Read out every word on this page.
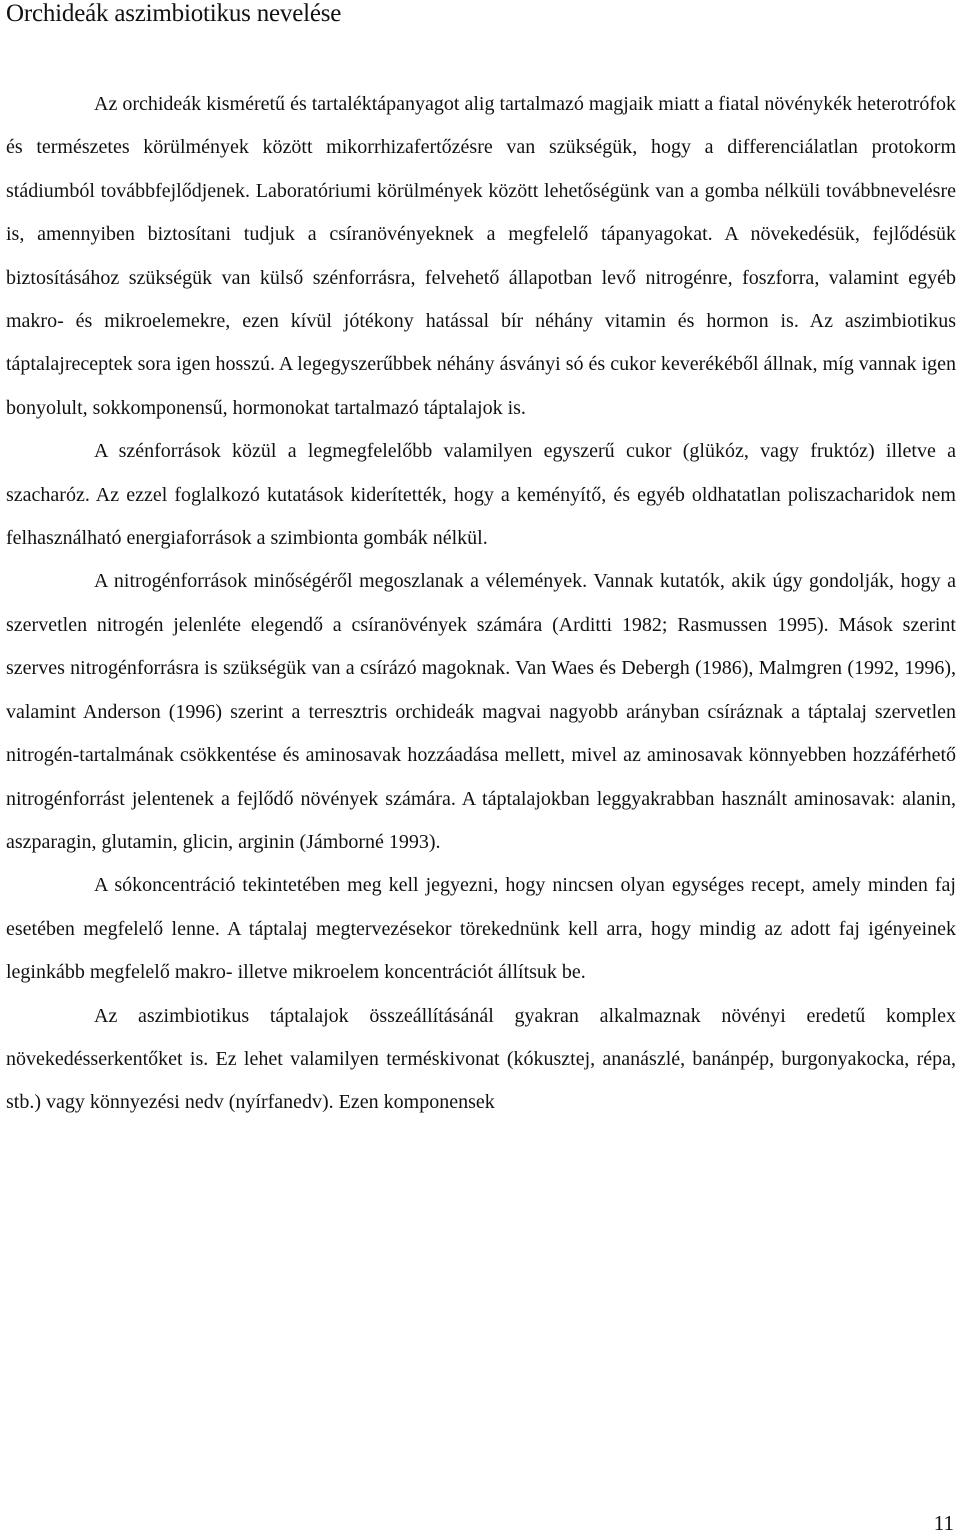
Orchideák aszimbiotikus nevelése

Az orchideák kisméretű és tartaléktápanyagot alig tartalmazó magjaik miatt a fiatal növénykék heterotrófok és természetes körülmények között mikorrhizafertőzésre van szükségük, hogy a differenciálatlan protokorm stádiumból továbbfejlődjenek. Laboratóriumi körülmények között lehetőségünk van a gomba nélküli továbbnevelésre is, amennyiben biztosítani tudjuk a csíranövényeknek a megfelelő tápanyagokat. A növekedésük, fejlődésük biztosításához szükségük van külső szénforrásra, felvehető állapotban levő nitrogénre, foszforra, valamint egyéb makro- és mikroelemekre, ezen kívül jótékony hatással bír néhány vitamin és hormon is. Az aszimbiotikus táptalajreceptek sora igen hosszú. A legegyszerűbbek néhány ásványi só és cukor keverékéből állnak, míg vannak igen bonyolult, sokkomponensű, hormonokat tartalmazó táptalajok is.

A szénforrások közül a legmegfelelőbb valamilyen egyszerű cukor (glükóz, vagy fruktóz) illetve a szacharóz. Az ezzel foglalkozó kutatások kiderítették, hogy a keményítő, és egyéb oldhatatlan poliszacharidok nem felhasználható energiaforrások a szimbionta gombák nélkül.

A nitrogénforrások minőségéről megoszlanak a vélemények. Vannak kutatók, akik úgy gondolják, hogy a szervetlen nitrogén jelenléte elegendő a csíranövények számára (Arditti 1982; Rasmussen 1995). Mások szerint szerves nitrogénforrásra is szükségük van a csírázó magoknak. Van Waes és Debergh (1986), Malmgren (1992, 1996), valamint Anderson (1996) szerint a terresztris orchideák magvai nagyobb arányban csíráznak a táptalaj szervetlen nitrogén-tartalmának csökkentése és aminosavak hozzáadása mellett, mivel az aminosavak könnyebben hozzáférhető nitrogénforrást jelentenek a fejlődő növények számára. A táptalajokban leggyakrabban használt aminosavak: alanin, aszparagin, glutamin, glicin, arginin (Jámborné 1993).

A sókoncentráció tekintetében meg kell jegyezni, hogy nincsen olyan egységes recept, amely minden faj esetében megfelelő lenne. A táptalaj megtervezésekor törekednünk kell arra, hogy mindig az adott faj igényeinek leginkább megfelelő makro- illetve mikroelem koncentrációt állítsuk be.

Az aszimbiotikus táptalajok összeállításánál gyakran alkalmaznak növényi eredetű komplex növekedésserkentőket is. Ez lehet valamilyen terméskivonat (kókusztej, ananászlé, banánpép, burgonyakocka, répa, stb.) vagy könnyezési nedv (nyírfanedv). Ezen komponensek

11
